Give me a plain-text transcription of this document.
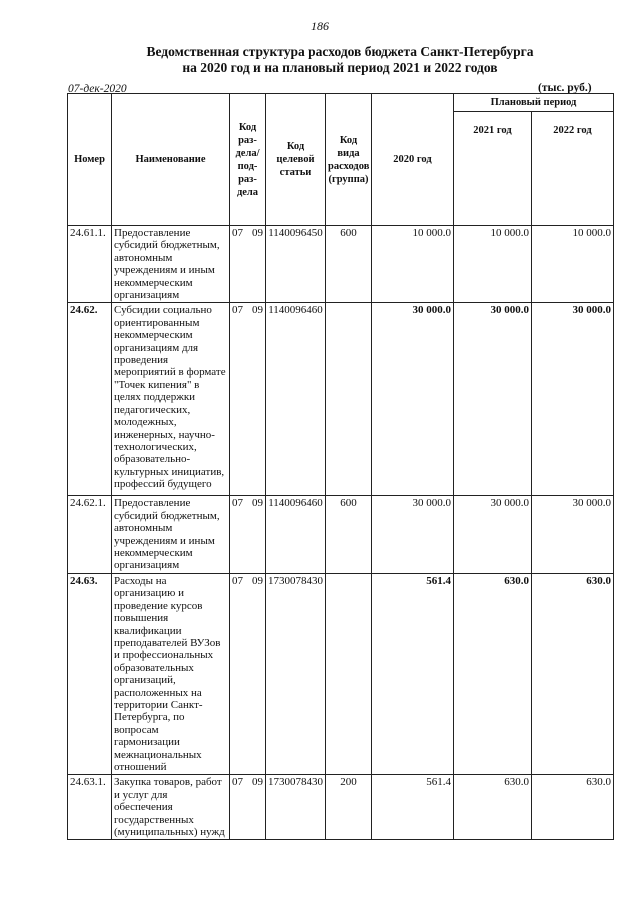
186
Ведомственная структура расходов бюджета Санкт-Петербурга
на 2020 год и на плановый период 2021 и 2022 годов
07-дек-2020	(тыс. руб.)
Номер	Наименование	Код раз-дела/ под-раз-дела	Код целевой статьи	Код вида расходов (группа)	2020 год	Плановый период	
						2021 год	2022 год
24.61.1.	Предоставление субсидий бюджетным, автономным учреждениям и иным некоммерческим организациям	07 09	1140096450	600	10 000.0	10 000.0	10 000.0
24.62.	Субсидии социально ориентированным некоммерческим организациям для проведения мероприятий в формате "Точек кипения" в целях поддержки педагогических, молодежных, инженерных, научно-технологических, образовательно-культурных инициатив, профессий будущего	07 09	1140096460		30 000.0	30 000.0	30 000.0
24.62.1.	Предоставление субсидий бюджетным, автономным учреждениям и иным некоммерческим организациям	07 09	1140096460	600	30 000.0	30 000.0	30 000.0
24.63.	Расходы на организацию и проведение курсов повышения квалификации преподавателей ВУЗов и профессиональных образовательных организаций, расположенных на территории Санкт-Петербурга, по вопросам гармонизации межнациональных отношений	07 09	1730078430		561.4	630.0	630.0
24.63.1.	Закупка товаров, работ и услуг для обеспечения государственных (муниципальных) нужд	07 09	1730078430	200	561.4	630.0	630.0
